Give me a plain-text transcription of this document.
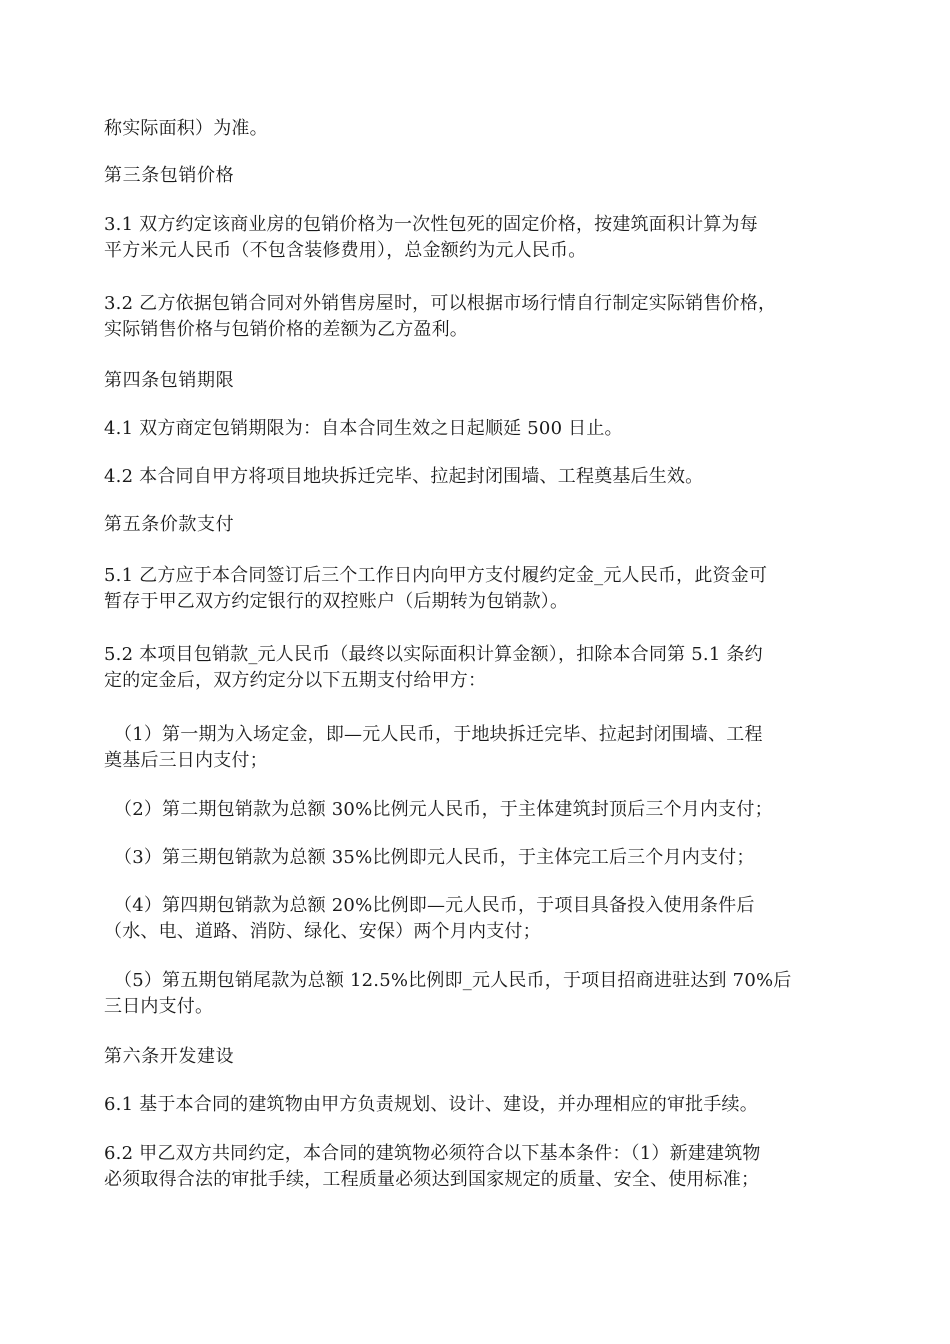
称实际面积）为准。
第三条包销价格
3.1 双方约定该商业房的包销价格为一次性包死的固定价格，按建筑面积计算为每
平方米元人民币（不包含装修费用），总金额约为元人民币。
3.2 乙方依据包销合同对外销售房屋时，可以根据市场行情自行制定实际销售价格，
实际销售价格与包销价格的差额为乙方盈利。
第四条包销期限
4.1 双方商定包销期限为：自本合同生效之日起顺延 500 日止。
4.2 本合同自甲方将项目地块拆迁完毕、拉起封闭围墙、工程奠基后生效。
第五条价款支付
5.1 乙方应于本合同签订后三个工作日内向甲方支付履约定金_元人民币，此资金可
暂存于甲乙双方约定银行的双控账户（后期转为包销款）。
5.2 本项目包销款_元人民币（最终以实际面积计算金额），扣除本合同第 5.1 条约
定的定金后，双方约定分以下五期支付给甲方：
（1）第一期为入场定金，即—元人民币，于地块拆迁完毕、拉起封闭围墙、工程
奠基后三日内支付；
（2）第二期包销款为总额 30%比例元人民币，于主体建筑封顶后三个月内支付；
（3）第三期包销款为总额 35%比例即元人民币，于主体完工后三个月内支付；
（4）第四期包销款为总额 20%比例即—元人民币，于项目具备投入使用条件后
（水、电、道路、消防、绿化、安保）两个月内支付；
（5）第五期包销尾款为总额 12.5%比例即_元人民币，于项目招商进驻达到 70%后
三日内支付。
第六条开发建设
6.1 基于本合同的建筑物由甲方负责规划、设计、建设，并办理相应的审批手续。
6.2 甲乙双方共同约定，本合同的建筑物必须符合以下基本条件：（1）新建建筑物
必须取得合法的审批手续，工程质量必须达到国家规定的质量、安全、使用标准；
